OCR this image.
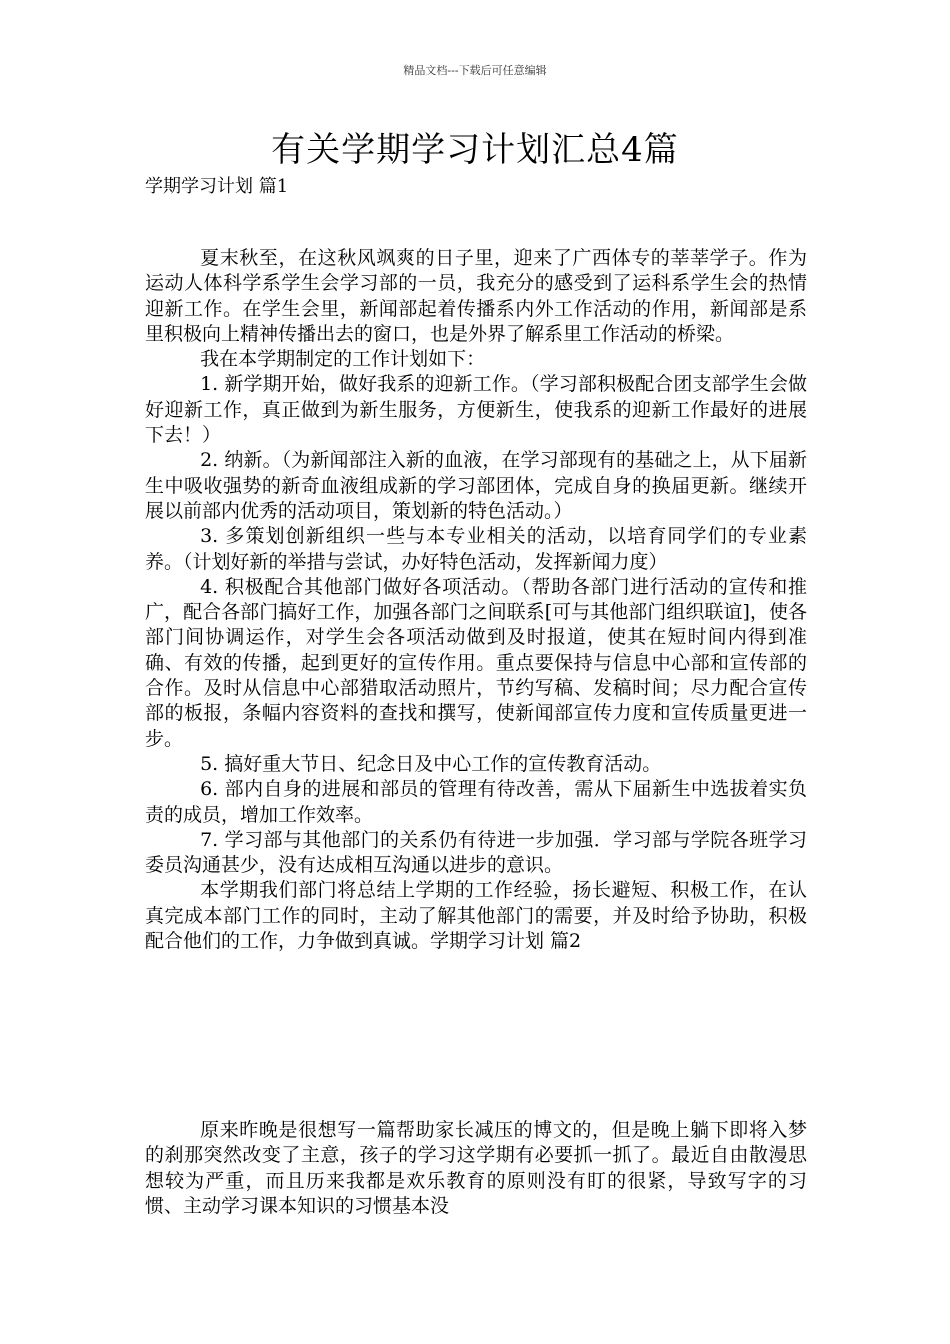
精品文档---下载后可任意编辑
有关学期学习计划汇总4篇
学期学习计划 篇1

夏末秋至，在这秋风飒爽的日子里，迎来了广西体专的莘莘学子。作为运动人体科学系学生会学习部的一员，我充分的感受到了运科系学生会的热情迎新工作。在学生会里，新闻部起着传播系内外工作活动的作用，新闻部是系里积极向上精神传播出去的窗口，也是外界了解系里工作活动的桥梁。

我在本学期制定的工作计划如下：

1. 新学期开始，做好我系的迎新工作。（学习部积极配合团支部学生会做好迎新工作，真正做到为新生服务，方便新生，使我系的迎新工作最好的进展下去！）

2. 纳新。（为新闻部注入新的血液，在学习部现有的基础之上，从下届新生中吸收强势的新奇血液组成新的学习部团体，完成自身的换届更新。继续开展以前部内优秀的活动项目，策划新的特色活动。）

3. 多策划创新组织一些与本专业相关的活动，以培育同学们的专业素养。（计划好新的举措与尝试，办好特色活动，发挥新闻力度）

4. 积极配合其他部门做好各项活动。（帮助各部门进行活动的宣传和推广，配合各部门搞好工作，加强各部门之间联系[可与其他部门组织联谊]，使各部门间协调运作，对学生会各项活动做到及时报道，使其在短时间内得到准确、有效的传播，起到更好的宣传作用。重点要保持与信息中心部和宣传部的合作。及时从信息中心部猎取活动照片，节约写稿、发稿时间；尽力配合宣传部的板报，条幅内容资料的查找和撰写，使新闻部宣传力度和宣传质量更进一步。

5. 搞好重大节日、纪念日及中心工作的宣传教育活动。

6. 部内自身的进展和部员的管理有待改善，需从下届新生中选拔着实负责的成员，增加工作效率。

7. 学习部与其他部门的关系仍有待进一步加强．学习部与学院各班学习委员沟通甚少，没有达成相互沟通以进步的意识。

本学期我们部门将总结上学期的工作经验，扬长避短、积极工作，在认真完成本部门工作的同时，主动了解其他部门的需要，并及时给予协助，积极配合他们的工作，力争做到真诚。学期学习计划 篇2

原来昨晚是很想写一篇帮助家长减压的博文的，但是晚上躺下即将入梦的刹那突然改变了主意，孩子的学习这学期有必要抓一抓了。最近自由散漫思想较为严重，而且历来我都是欢乐教育的原则没有盯的很紧，导致写字的习惯、主动学习课本知识的习惯基本没
